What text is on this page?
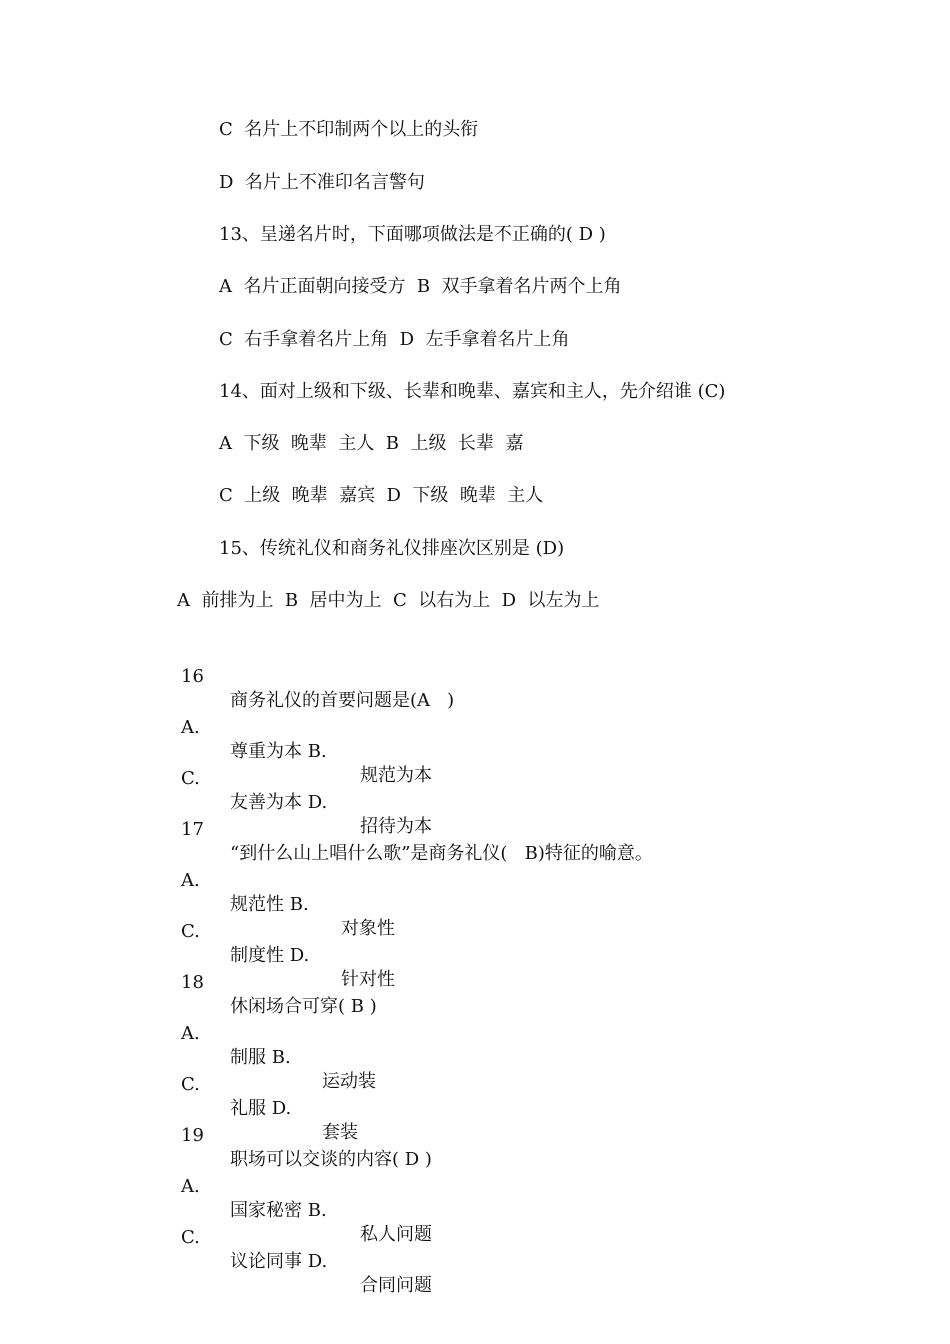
C  名片上不印制两个以上的头衔
D  名片上不准印名言警句
13、呈递名片时，下面哪项做法是不正确的( D )
A  名片正面朝向接受方  B  双手拿着名片两个上角
C  右手拿着名片上角  D  左手拿着名片上角
14、面对上级和下级、长辈和晚辈、嘉宾和主人，先介绍谁 (C)
A  下级  晚辈  主人  B  上级  长辈  嘉
C  上级  晚辈  嘉宾  D  下级  晚辈  主人
15、传统礼仪和商务礼仪排座次区别是 (D)
A  前排为上  B  居中为上  C  以右为上  D  以左为上

16

商务礼仪的首要问题是(A   )

A.

尊重为本 B.

规范为本

C.

友善为本 D.

招待为本

17

“到什么山上唱什么歌”是商务礼仪(   B)特征的喻意。

A.

规范性 B.

对象性

C.

制度性 D.

针对性

18

休闲场合可穿( B )

A.

制服 B.

运动装

C.

礼服 D.

套装

19

职场可以交谈的内容( D )

A.

国家秘密 B.

私人问题

C.

议论同事 D.

合同问题
